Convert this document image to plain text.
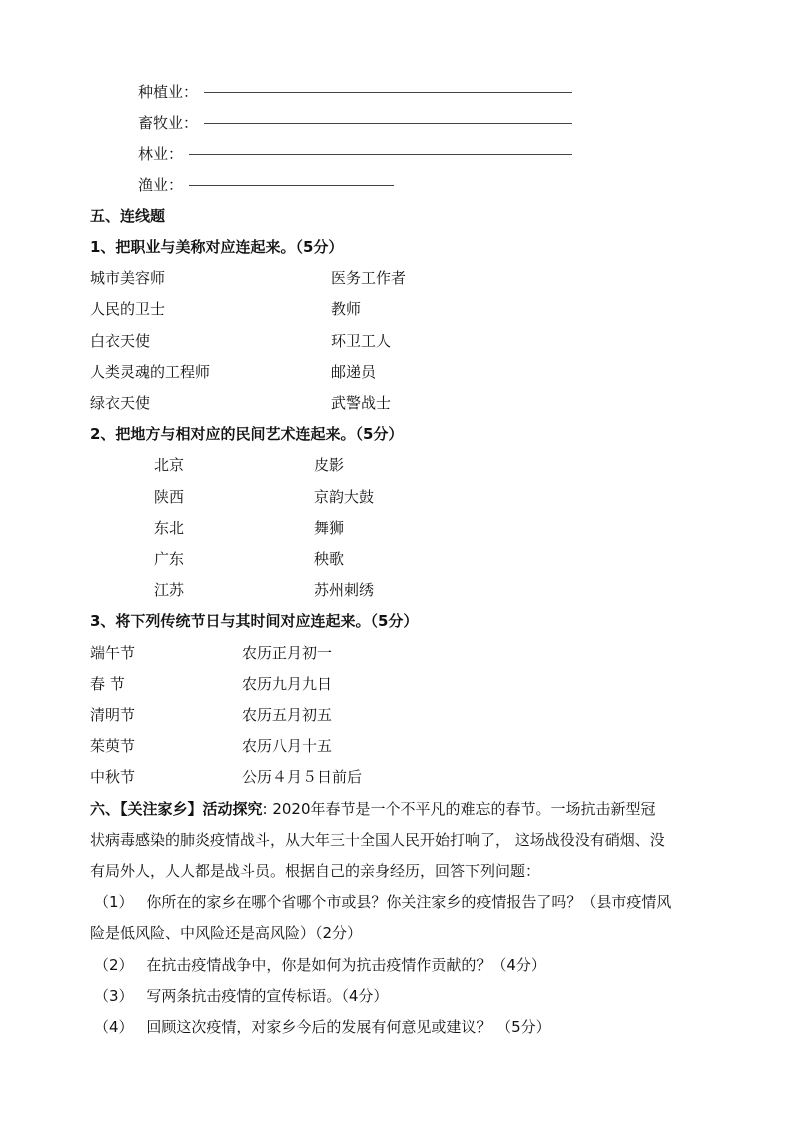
种植业：
畜牧业：
林业：
渔业：
五、连线题
1、把职业与美称对应连起来。（5分）
城市美容师	医务工作者
人民的卫士	教师
白衣天使	环卫工人
人类灵魂的工程师	邮递员
绿衣天使	武警战士
2、把地方与相对应的民间艺术连起来。（5分）
北京	皮影
陕西	京韵大鼓
东北	舞狮
广东	秧歌
江苏	苏州刺绣
3、将下列传统节日与其时间对应连起来。（5分）
端午节	农历正月初一
春 节	农历九月九日
清明节	农历五月初五
茱萸节	农历八月十五
中秋节	公历４月５日前后
六、【关注家乡】活动探究: 2020年春节是一个不平凡的难忘的春节。一场抗击新型冠
状病毒感染的肺炎疫情战斗，从大年三十全国人民开始打响了， 这场战役没有硝烟、没
有局外人，人人都是战斗员。根据自己的亲身经历，回答下列问题：
（1） 你所在的家乡在哪个省哪个市或县？你关注家乡的疫情报告了吗？（县市疫情风
险是低风险、中风险还是高风险）（2分）
（2） 在抗击疫情战争中，你是如何为抗击疫情作贡献的？（4分）
（3） 写两条抗击疫情的宣传标语。（4分）
（4） 回顾这次疫情，对家乡今后的发展有何意见或建议？ （5分）
